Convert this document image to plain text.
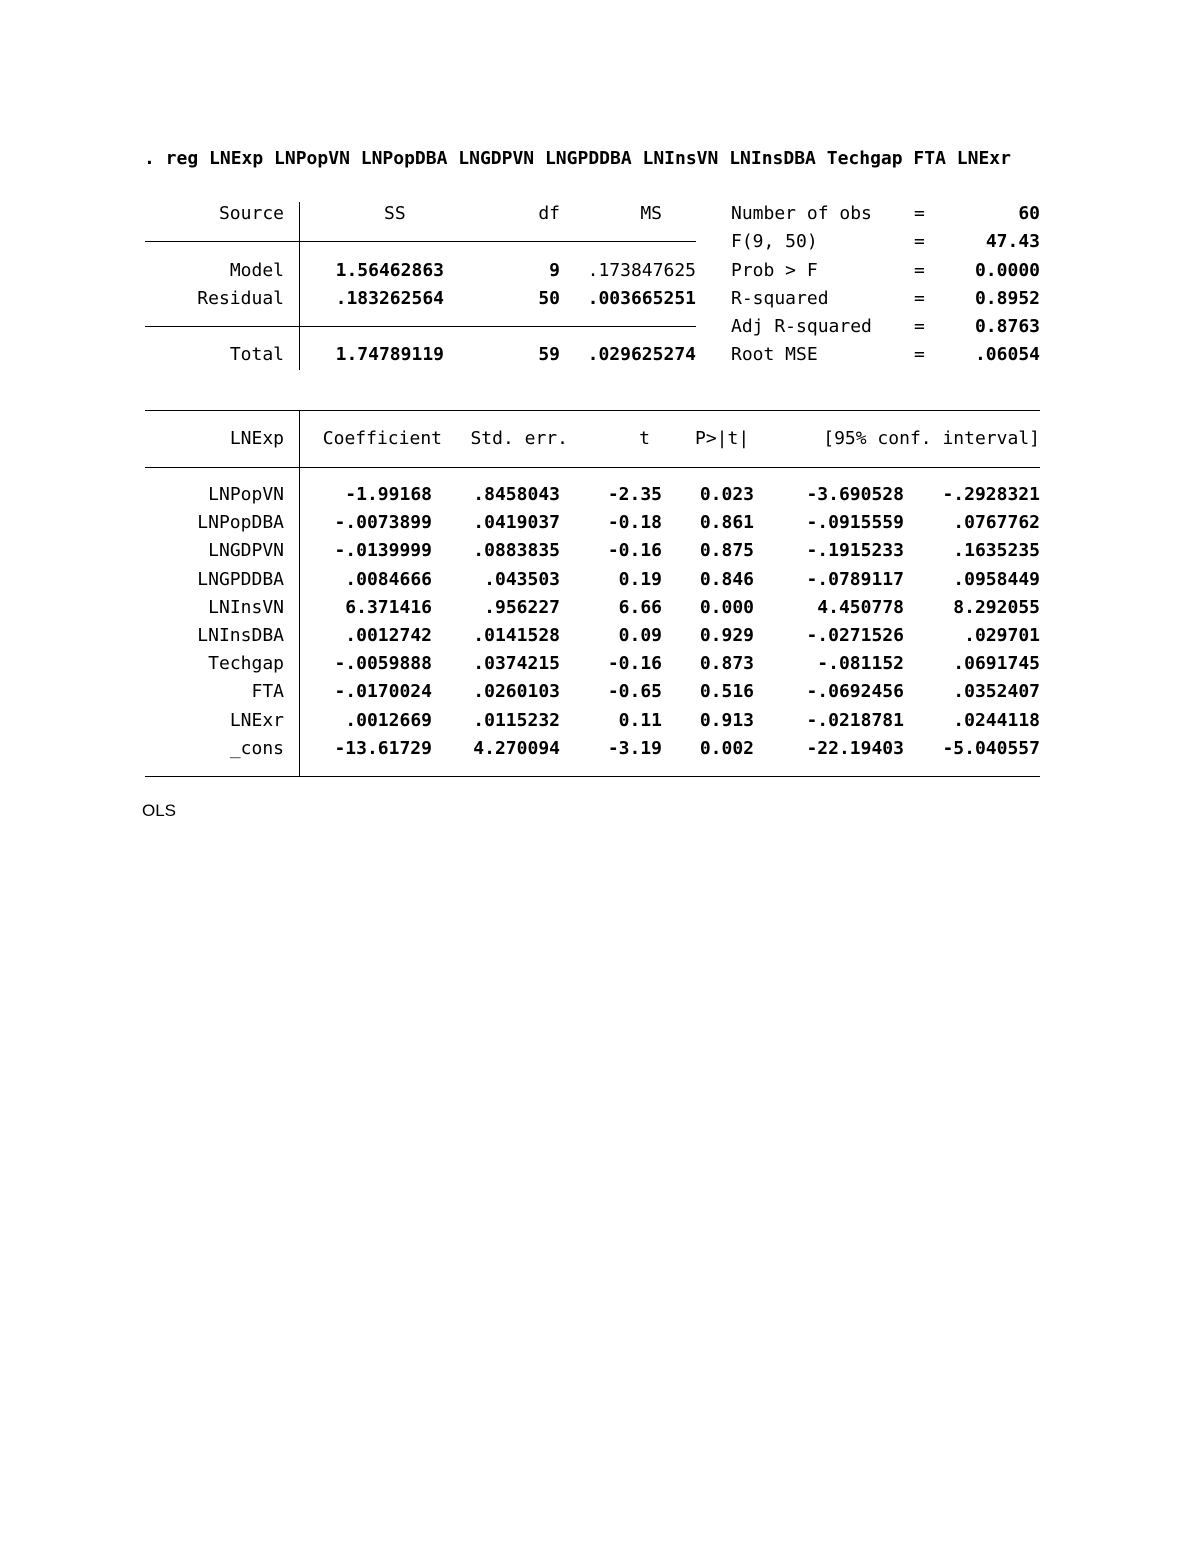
. reg LNExp LNPopVN LNPopDBA LNGDPVN LNGPDDBA LNInsVN LNInsDBA Techgap FTA LNExr
Source	SS	df	MS
Model	1.56462863	9	.173847625
Residual	.183262564	50	.003665251
Total	1.74789119	59	.029625274
Number of obs	=	60
F(9, 50)	=	47.43
Prob > F	=	0.0000
R-squared	=	0.8952
Adj R-squared	=	0.8763
Root MSE	=	.06054
LNExp	Coefficient	Std. err.	t	P>|t|	[95% conf. interval]
LNPopVN	-1.99168	.8458043	-2.35	0.023	-3.690528	-.2928321
LNPopDBA	-.0073899	.0419037	-0.18	0.861	-.0915559	.0767762
LNGDPVN	-.0139999	.0883835	-0.16	0.875	-.1915233	.1635235
LNGPDDBA	.0084666	.043503	0.19	0.846	-.0789117	.0958449
LNInsVN	6.371416	.956227	6.66	0.000	4.450778	8.292055
LNInsDBA	.0012742	.0141528	0.09	0.929	-.0271526	.029701
Techgap	-.0059888	.0374215	-0.16	0.873	-.081152	.0691745
FTA	-.0170024	.0260103	-0.65	0.516	-.0692456	.0352407
LNExr	.0012669	.0115232	0.11	0.913	-.0218781	.0244118
_cons	-13.61729	4.270094	-3.19	0.002	-22.19403	-5.040557
OLS
